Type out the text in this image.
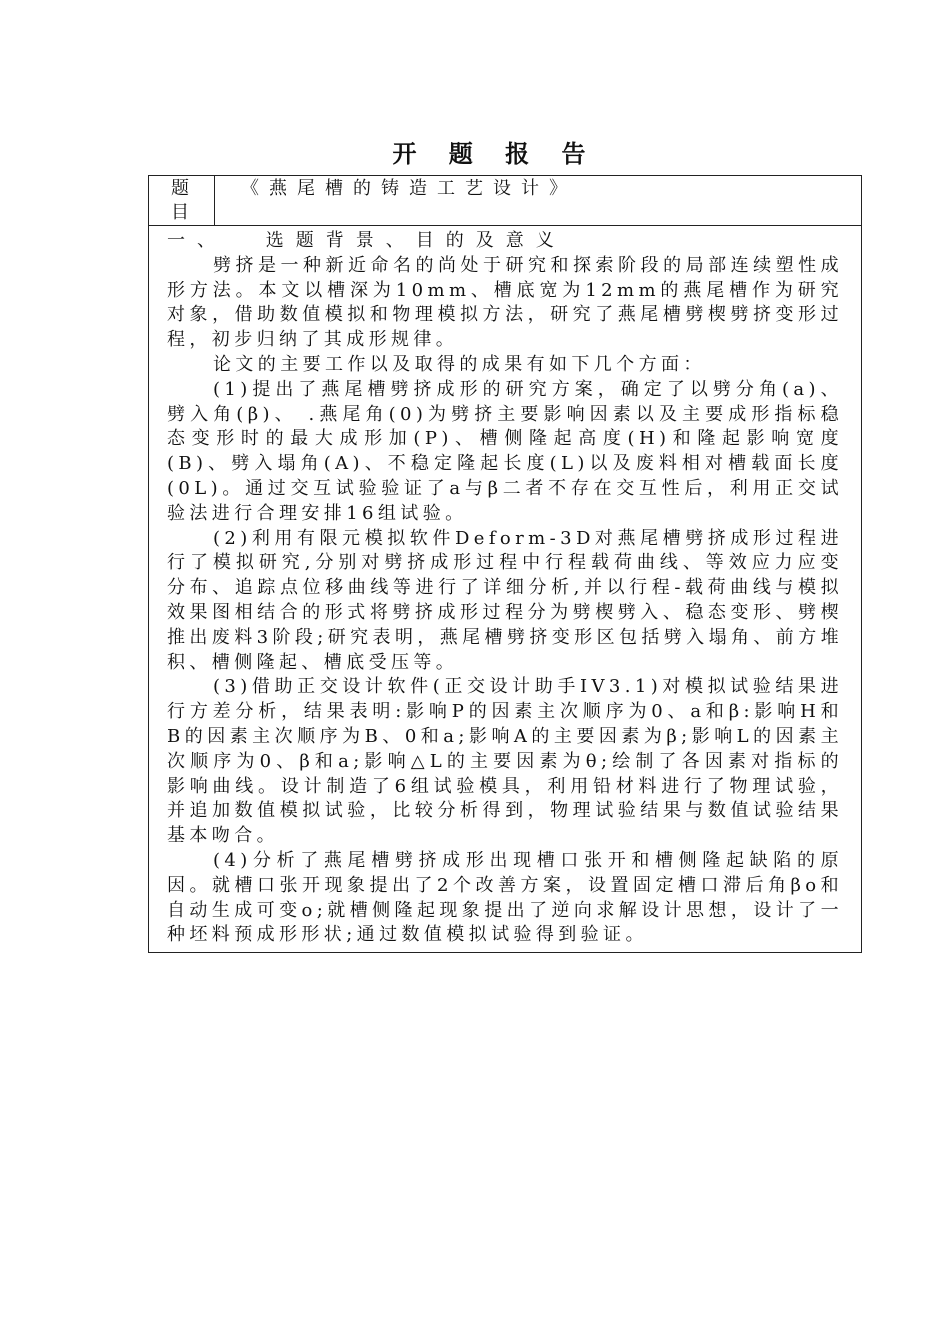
开 题 报 告
题
目
《燕尾槽的铸造工艺设计》

一、　 选题背景、目的及意义

劈挤是一种新近命名的尚处于研究和探索阶段的局部连续塑性成形方法。本文以槽深为10mm、槽底宽为12mm的燕尾槽作为研究对象，借助数值模拟和物理模拟方法，研究了燕尾槽劈楔劈挤变形过程，初步归纳了其成形规律。

论文的主要工作以及取得的成果有如下几个方面：

(1)提出了燕尾槽劈挤成形的研究方案，确定了以劈分角(a)、劈入角(β)、 .燕尾角(0)为劈挤主要影响因素以及主要成形指标稳态变形时的最大成形加(P)、槽侧隆起高度(H)和隆起影响宽度(B)、劈入塌角(A)、不稳定隆起长度(L)以及废料相对槽载面长度(0L)。通过交互试验验证了a与β二者不存在交互性后，利用正交试验法进行合理安排16组试验。

(2)利用有限元模拟软件Deform-3D对燕尾槽劈挤成形过程进行了模拟研究,分别对劈挤成形过程中行程载荷曲线、等效应力应变分布、追踪点位移曲线等进行了详细分析,并以行程-载荷曲线与模拟效果图相结合的形式将劈挤成形过程分为劈楔劈入、稳态变形、劈楔推出废料3阶段;研究表明，燕尾槽劈挤变形区包括劈入塌角、前方堆积、槽侧隆起、槽底受压等。

(3)借助正交设计软件(正交设计助手IV3.1)对模拟试验结果进行方差分析，结果表明:影响P的因素主次顺序为0、a和β:影响H和B的因素主次顺序为B、0和a;影响A的主要因素为β;影响L的因素主次顺序为0、β和a;影响△L的主要因素为θ;绘制了各因素对指标的影响曲线。设计制造了6组试验模具，利用铅材料进行了物理试验，并追加数值模拟试验，比较分析得到，物理试验结果与数值试验结果基本吻合。

(4)分析了燕尾槽劈挤成形出现槽口张开和槽侧隆起缺陷的原因。就槽口张开现象提出了2个改善方案，设置固定槽口滞后角βo和自动生成可变o;就槽侧隆起现象提出了逆向求解设计思想，设计了一种坯料预成形形状;通过数值模拟试验得到验证。
